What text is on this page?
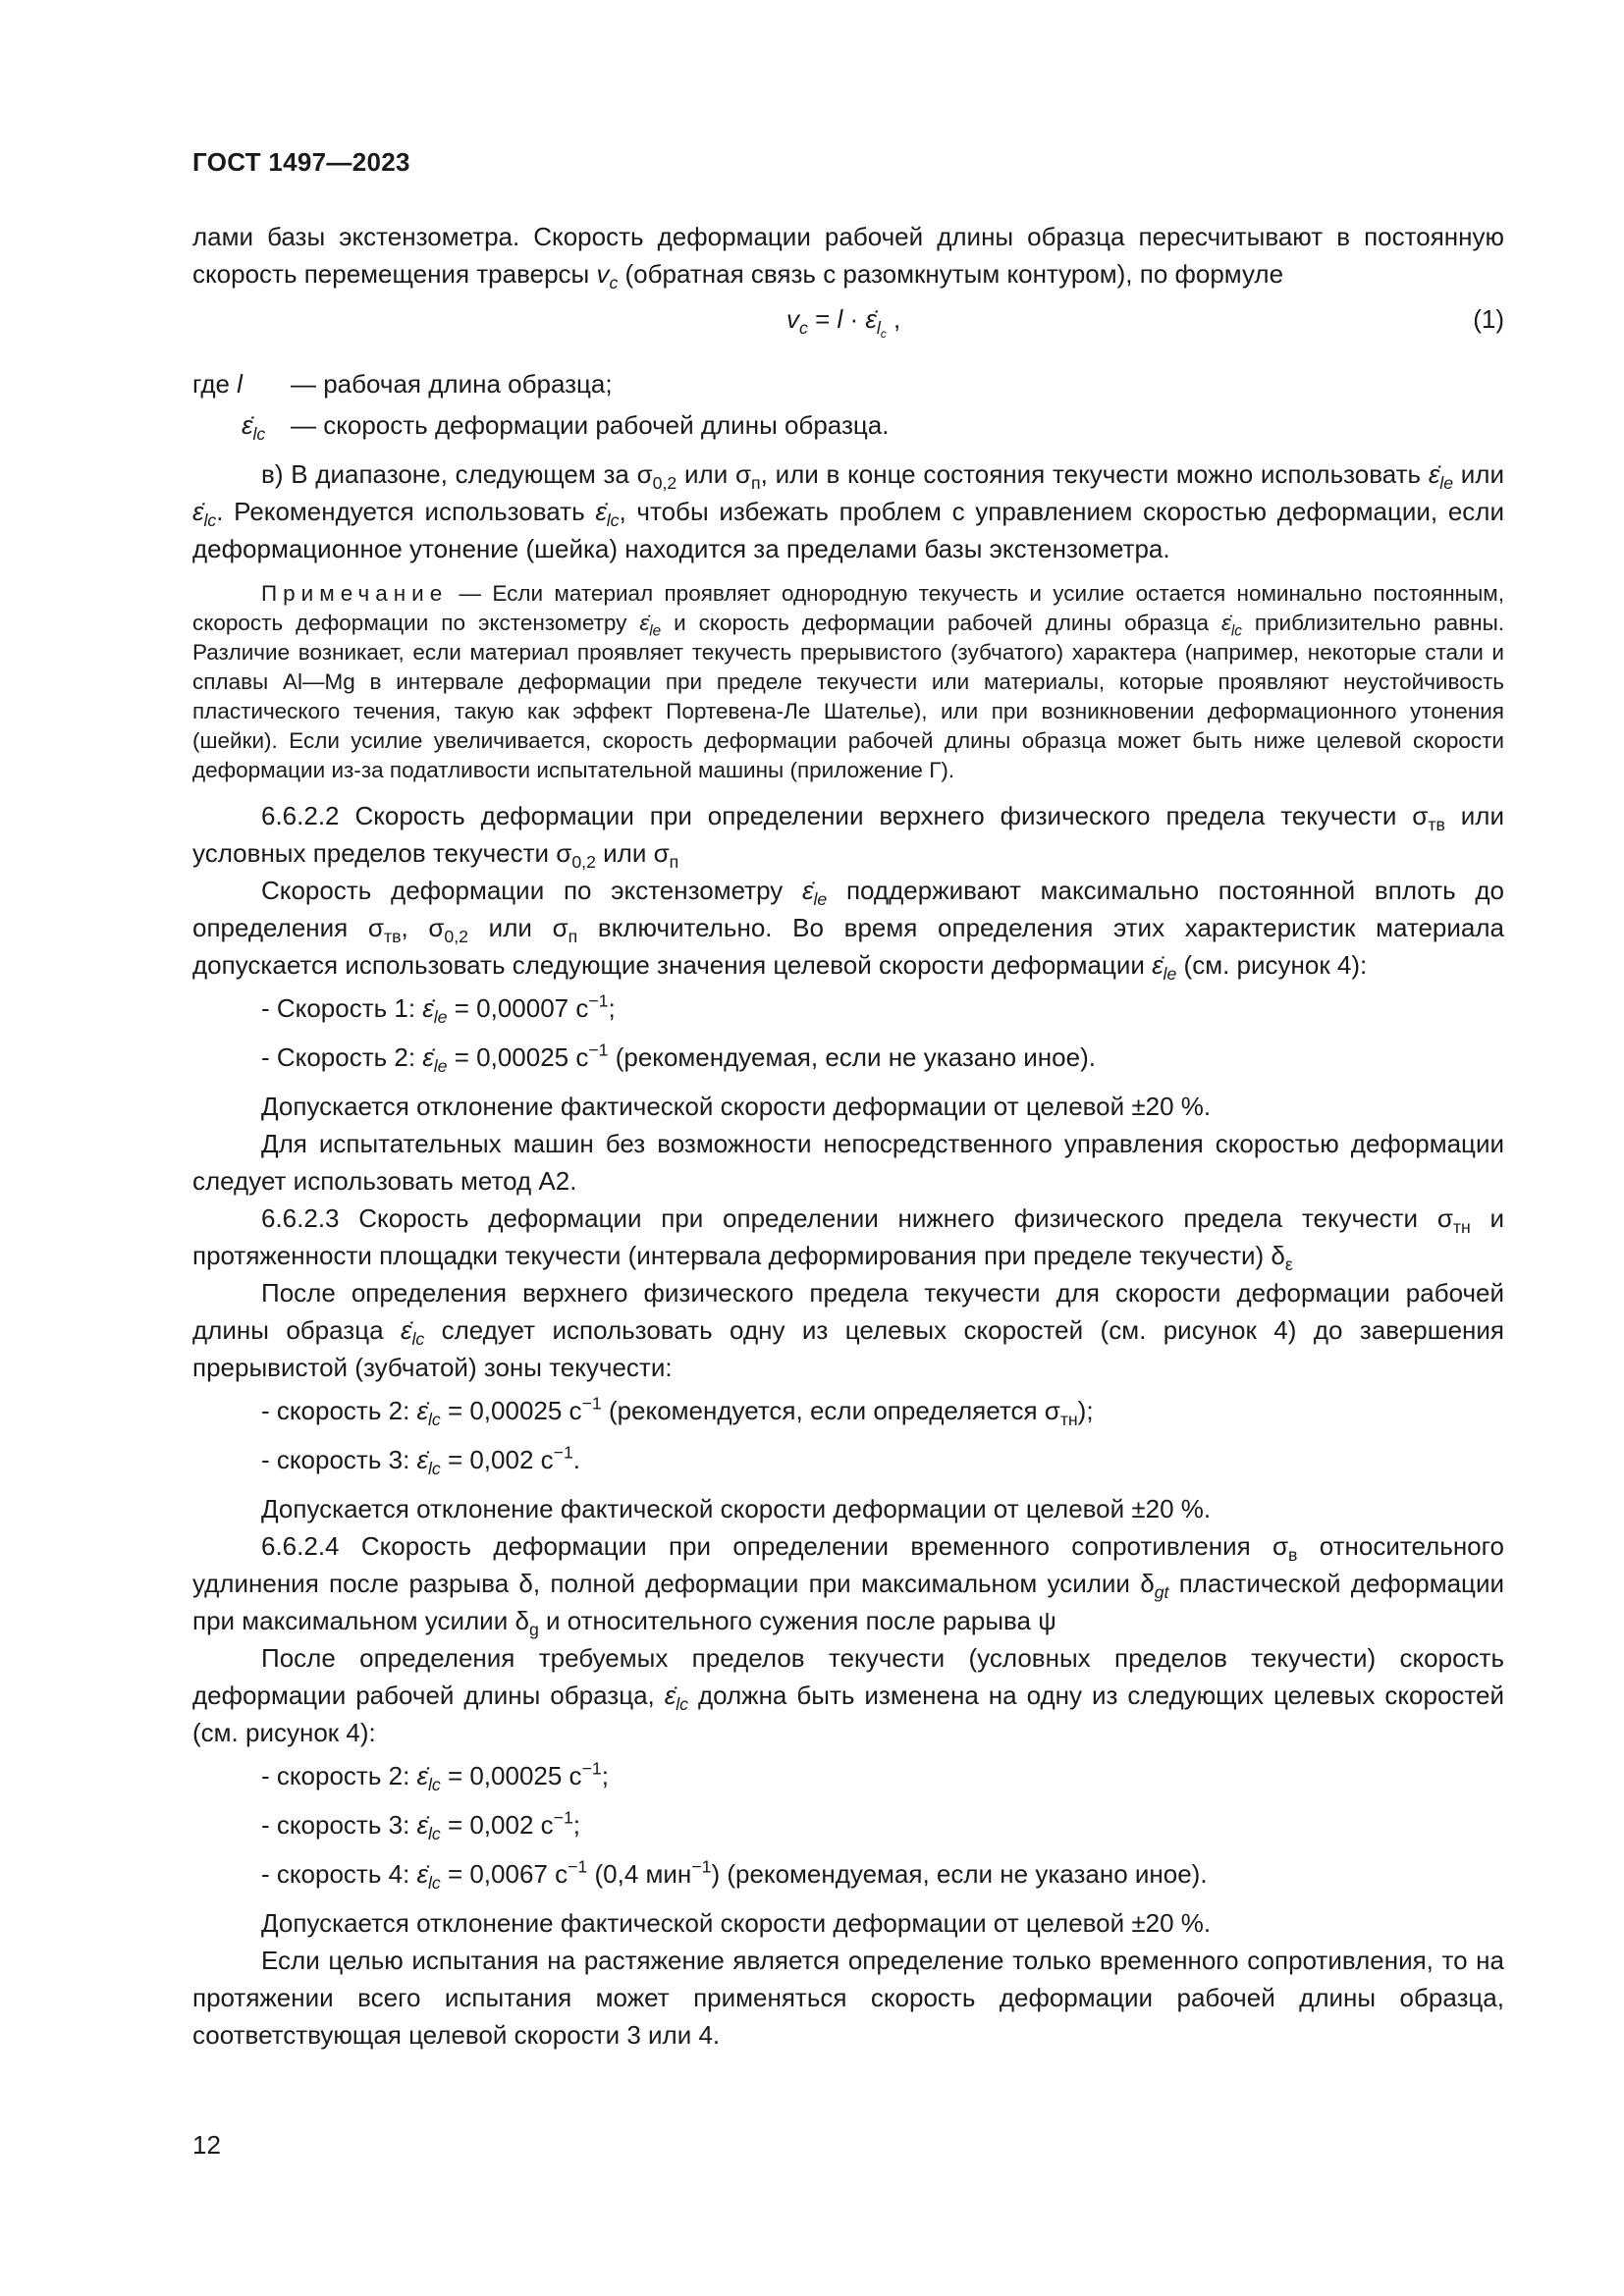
ГОСТ 1497—2023

лами базы экстензометра. Скорость деформации рабочей длины образца пересчитывают в постоянную скорость перемещения траверсы $v_c$ (обратная связь с разомкнутым контуром), по формуле

$v_c = l$ · $\varepsiloṅ_{l_c}$ ,	(1)
где l	— рабочая длина образца;
$\varepsiloṅ_{lc}$ — скорость деформации рабочей длины образца.

в) В диапазоне, следующем за $\sigma_{0,2}$ или $\sigma_п$, или в конце состояния текучести можно использовать $\varepsiloṅ_{le}$ или $\varepsiloṅ_{lc}$. Рекомендуется использовать $\varepsiloṅ_{lc}$, чтобы избежать проблем с управлением скоростью деформации, если деформационное утонение (шейка) находится за пределами базы экстензометра.

Примечание — Если материал проявляет однородную текучесть и усилие остается номинально постоянным, скорость деформации по экстензометру $\varepsiloṅ_{le}$ и скорость деформации рабочей длины образца $\varepsiloṅ_{lc}$ приблизительно равны. Различие возникает, если материал проявляет текучесть прерывистого (зубчатого) характера (например, некоторые стали и сплавы Al—Mg в интервале деформации при пределе текучести или материалы, которые проявляют неустойчивость пластического течения, такую как эффект Портевена-Ле Шателье), или при возникновении деформационного утонения (шейки). Если усилие увеличивается, скорость деформации рабочей длины образца может быть ниже целевой скорости деформации из-за податливости испытательной машины (приложение Г).

6.6.2.2 Скорость деформации при определении верхнего физического предела текучести $\sigma_{тв}$ или условных пределов текучести $\sigma_{0,2}$ или $\sigma_п$

Скорость деформации по экстензометру $\varepsiloṅ_{le}$ поддерживают максимально постоянной вплоть до определения $\sigma_{тв}$, $\sigma_{0,2}$ или $\sigma_п$ включительно. Во время определения этих характеристик материала допускается использовать следующие значения целевой скорости деформации $\varepsiloṅ_{le}$ (см. рисунок 4):

- Скорость 1: $\varepsiloṅ_{le} = 0,00007$ $с^{-1}$;
- Скорость 2: $\varepsiloṅ_{le} = 0,00025$ $с^{-1}$ (рекомендуемая, если не указано иное).

Допускается отклонение фактической скорости деформации от целевой ±20 %.

Для испытательных машин без возможности непосредственного управления скоростью деформации следует использовать метод А2.

6.6.2.3 Скорость деформации при определении нижнего физического предела текучести $\sigma_{тн}$ и протяженности площадки текучести (интервала деформирования при пределе текучести) $\delta_\varepsilon$

После определения верхнего физического предела текучести для скорости деформации рабочей длины образца $\varepsiloṅ_{lc}$ следует использовать одну из целевых скоростей (см. рисунок 4) до завершения прерывистой (зубчатой) зоны текучести:

- скорость 2: $\varepsiloṅ_{lc} = 0,00025$ $с^{-1}$ (рекомендуется, если определяется $\sigma_{тн}$);
- скорость 3: $\varepsiloṅ_{lc} = 0,002$ $с^{-1}$.

Допускается отклонение фактической скорости деформации от целевой ±20 %.

6.6.2.4 Скорость деформации при определении временного сопротивления $\sigma_в$ относительного удлинения после разрыва δ, полной деформации при максимальном усилии $\delta_{gt}$ пластической деформации при максимальном усилии $\delta_g$ и относительного сужения после рарыва ψ

После определения требуемых пределов текучести (условных пределов текучести) скорость деформации рабочей длины образца, $\varepsiloṅ_{lc}$ должна быть изменена на одну из следующих целевых скоростей (см. рисунок 4):

- скорость 2: $\varepsiloṅ_{lc} = 0,00025$ $с^{-1}$;
- скорость 3: $\varepsiloṅ_{lc} = 0,002$ $с^{-1}$;
- скорость 4: $\varepsiloṅ_{lc} = 0,0067$ $с^{-1}$ (0,4 мин$^{-1}$) (рекомендуемая, если не указано иное).

Допускается отклонение фактической скорости деформации от целевой ±20 %.

Если целью испытания на растяжение является определение только временного сопротивления, то на протяжении всего испытания может применяться скорость деформации рабочей длины образца, соответствующая целевой скорости 3 или 4.

12
